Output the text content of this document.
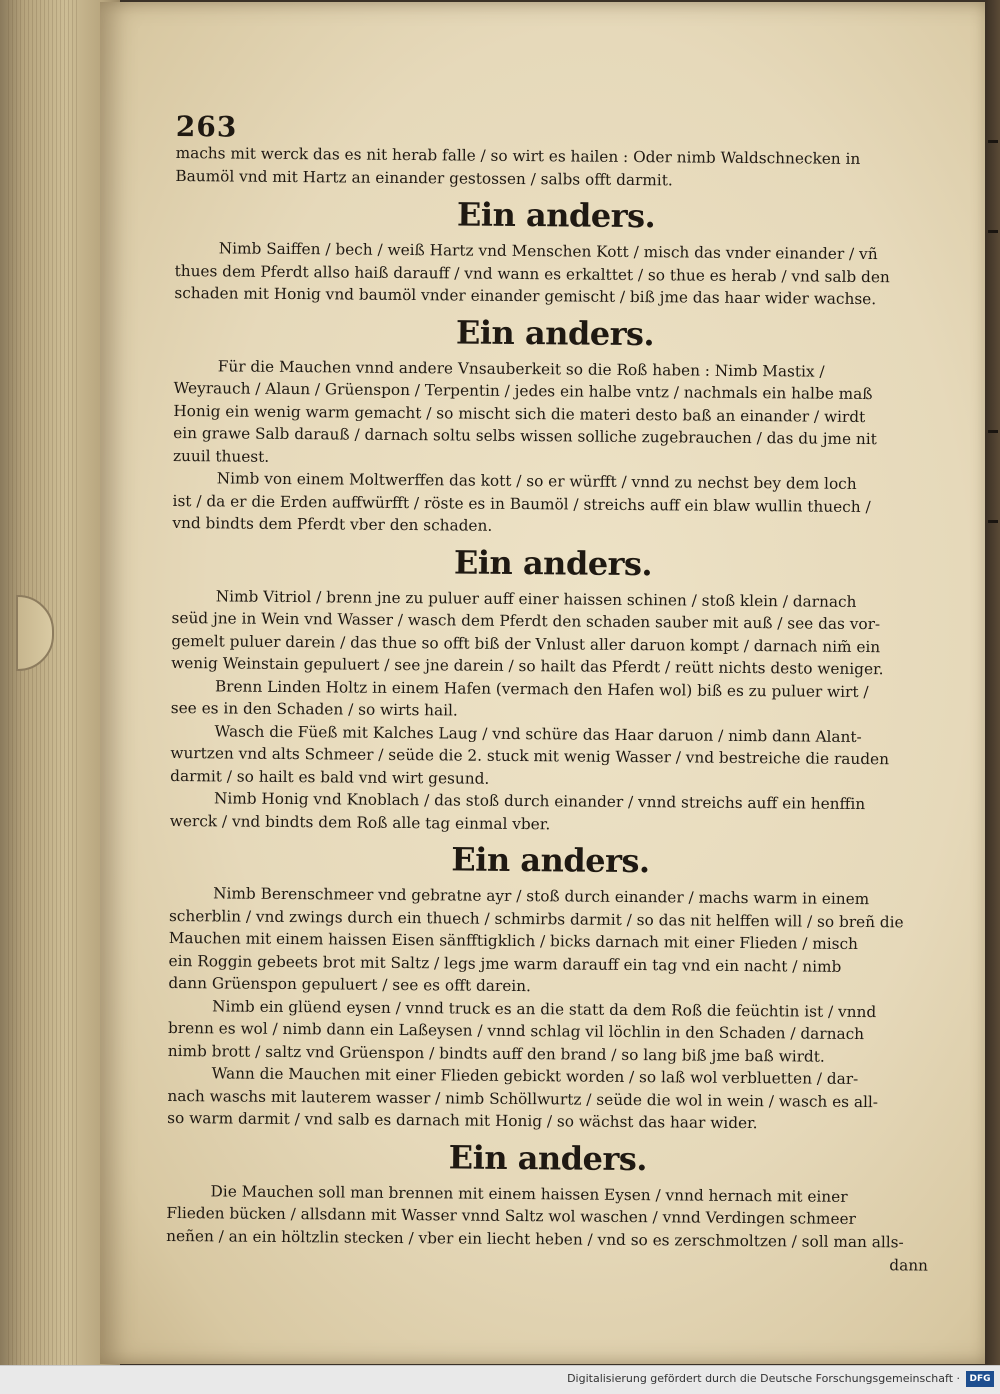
263
machs mit werck das es nit herab falle / so wirt es hailen : Oder nimb Waldschnecken in
Baumöl vnd mit Hartz an einander gestossen / salbs offt darmit.
Ein anders.
Nimb Saiffen / bech / weiß Hartz vnd Menschen Kott / misch das vnder einander / vñ
thues dem Pferdt allso haiß darauff / vnd wann es erkalttet / so thue es herab / vnd salb den
schaden mit Honig vnd baumöl vnder einander gemischt / biß jme das haar wider wachse.
Ein anders.
Für die Mauchen vnnd andere Vnsauberkeit so die Roß haben : Nimb Mastix /
Weyrauch / Alaun / Grüenspon / Terpentin / jedes ein halbe vntz / nachmals ein halbe maß
Honig ein wenig warm gemacht / so mischt sich die materi desto baß an einander / wirdt
ein grawe Salb darauß / darnach soltu selbs wissen solliche zugebrauchen / das du jme nit
zuuil thuest.
Nimb von einem Moltwerffen das kott / so er würfft / vnnd zu nechst bey dem loch
ist / da er die Erden auffwürfft / röste es in Baumöl / streichs auff ein blaw wullin thuech /
vnd bindts dem Pferdt vber den schaden.
Ein anders.
Nimb Vitriol / brenn jne zu puluer auff einer haissen schinen / stoß klein / darnach
seüd jne in Wein vnd Wasser / wasch dem Pferdt den schaden sauber mit auß / see das vor-
gemelt puluer darein / das thue so offt biß der Vnlust aller daruon kompt / darnach nim̃ ein
wenig Weinstain gepuluert / see jne darein / so hailt das Pferdt / reütt nichts desto weniger.
Brenn Linden Holtz in einem Hafen (vermach den Hafen wol) biß es zu puluer wirt /
see es in den Schaden / so wirts hail.
Wasch die Füeß mit Kalches Laug / vnd schüre das Haar daruon / nimb dann Alant-
wurtzen vnd alts Schmeer / seüde die 2. stuck mit wenig Wasser / vnd bestreiche die rauden
darmit / so hailt es bald vnd wirt gesund.
Nimb Honig vnd Knoblach / das stoß durch einander / vnnd streichs auff ein henffin
werck / vnd bindts dem Roß alle tag einmal vber.
Ein anders.
Nimb Berenschmeer vnd gebratne ayr / stoß durch einander / machs warm in einem
scherblin / vnd zwings durch ein thuech / schmirbs darmit / so das nit helffen will / so breñ die
Mauchen mit einem haissen Eisen sänfftigklich / bicks darnach mit einer Flieden / misch
ein Roggin gebeets brot mit Saltz / legs jme warm darauff ein tag vnd ein nacht / nimb
dann Grüenspon gepuluert / see es offt darein.
Nimb ein glüend eysen / vnnd truck es an die statt da dem Roß die feüchtin ist / vnnd
brenn es wol / nimb dann ein Laßeysen / vnnd schlag vil löchlin in den Schaden / darnach
nimb brott / saltz vnd Grüenspon / bindts auff den brand / so lang biß jme baß wirdt.
Wann die Mauchen mit einer Flieden gebickt worden / so laß wol verbluetten / dar-
nach waschs mit lauterem wasser / nimb Schöllwurtz / seüde die wol in wein / wasch es all-
so warm darmit / vnd salb es darnach mit Honig / so wächst das haar wider.
Ein anders.
Die Mauchen soll man brennen mit einem haissen Eysen / vnnd hernach mit einer
Flieden bücken / allsdann mit Wasser vnnd Saltz wol waschen / vnnd Verdingen schmeer
neñen / an ein höltzlin stecken / vber ein liecht heben / vnd so es zerschmoltzen / soll man alls-
dann
Digitalisierung gefördert durch die Deutsche Forschungsgemeinschaft ·	DFG
